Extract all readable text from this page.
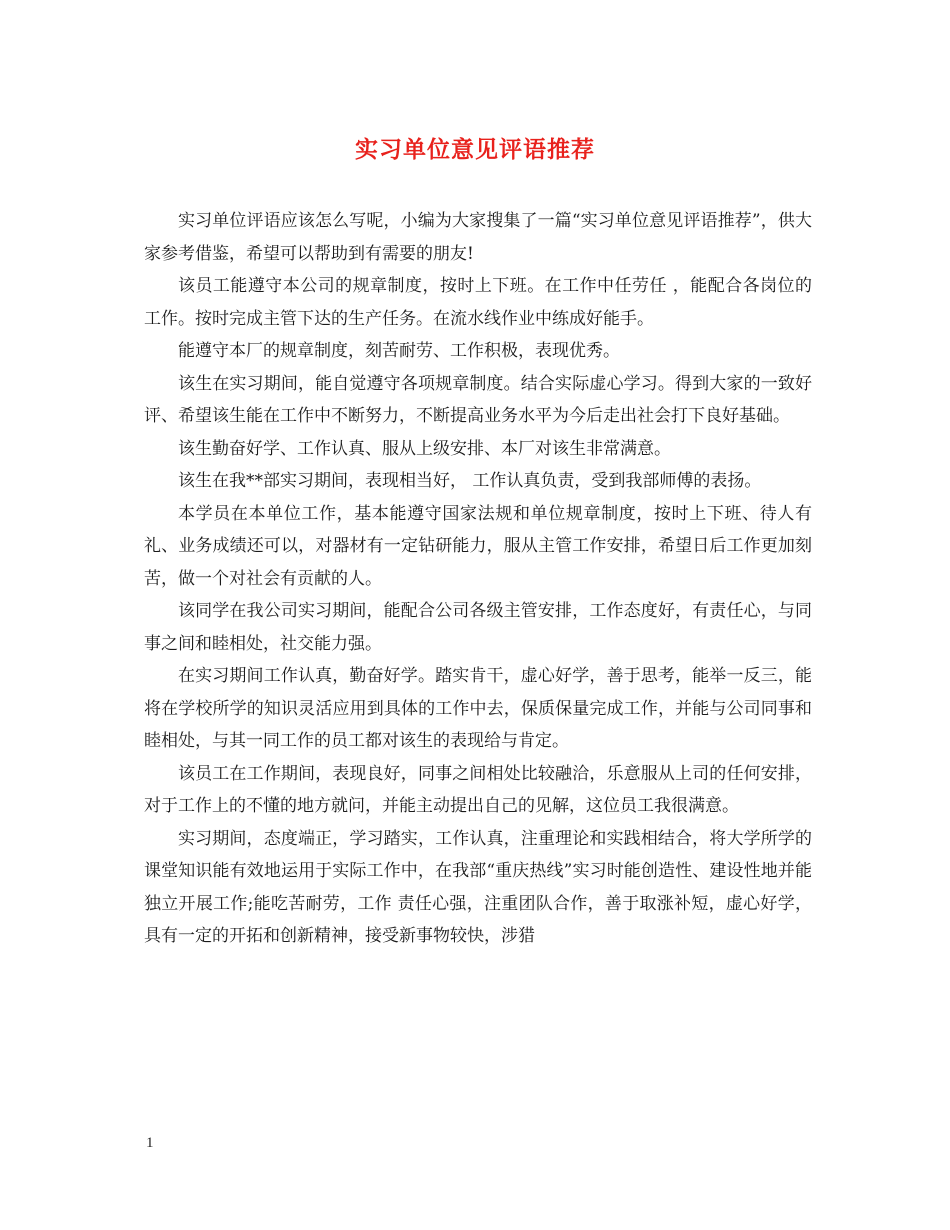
实习单位意见评语推荐

实习单位评语应该怎么写呢，小编为大家搜集了一篇“实习单位意见评语推荐”，供大家参考借鉴，希望可以帮助到有需要的朋友!

该员工能遵守本公司的规章制度，按时上下班。在工作中任劳任 ，能配合各岗位的工作。按时完成主管下达的生产任务。在流水线作业中练成好能手。

能遵守本厂的规章制度，刻苦耐劳、工作积极，表现优秀。

该生在实习期间，能自觉遵守各项规章制度。结合实际虚心学习。得到大家的一致好评、希望该生能在工作中不断努力，不断提高业务水平为今后走出社会打下良好基础。

该生勤奋好学、工作认真、服从上级安排、本厂对该生非常满意。

该生在我**部实习期间，表现相当好， 工作认真负责，受到我部师傅的表扬。

本学员在本单位工作，基本能遵守国家法规和单位规章制度，按时上下班、待人有礼、业务成绩还可以，对器材有一定钻研能力，服从主管工作安排，希望日后工作更加刻苦，做一个对社会有贡献的人。

该同学在我公司实习期间，能配合公司各级主管安排，工作态度好，有责任心，与同事之间和睦相处，社交能力强。

在实习期间工作认真，勤奋好学。踏实肯干，虚心好学，善于思考，能举一反三，能将在学校所学的知识灵活应用到具体的工作中去，保质保量完成工作，并能与公司同事和睦相处，与其一同工作的员工都对该生的表现给与肯定。

该员工在工作期间，表现良好，同事之间相处比较融洽，乐意服从上司的任何安排，对于工作上的不懂的地方就问，并能主动提出自己的见解，这位员工我很满意。

实习期间，态度端正，学习踏实，工作认真，注重理论和实践相结合，将大学所学的课堂知识能有效地运用于实际工作中，在我部“重庆热线”实习时能创造性、建设性地并能独立开展工作;能吃苦耐劳，工作 责任心强，注重团队合作，善于取涨补短，虚心好学，具有一定的开拓和创新精神，接受新事物较快，涉猎

1
